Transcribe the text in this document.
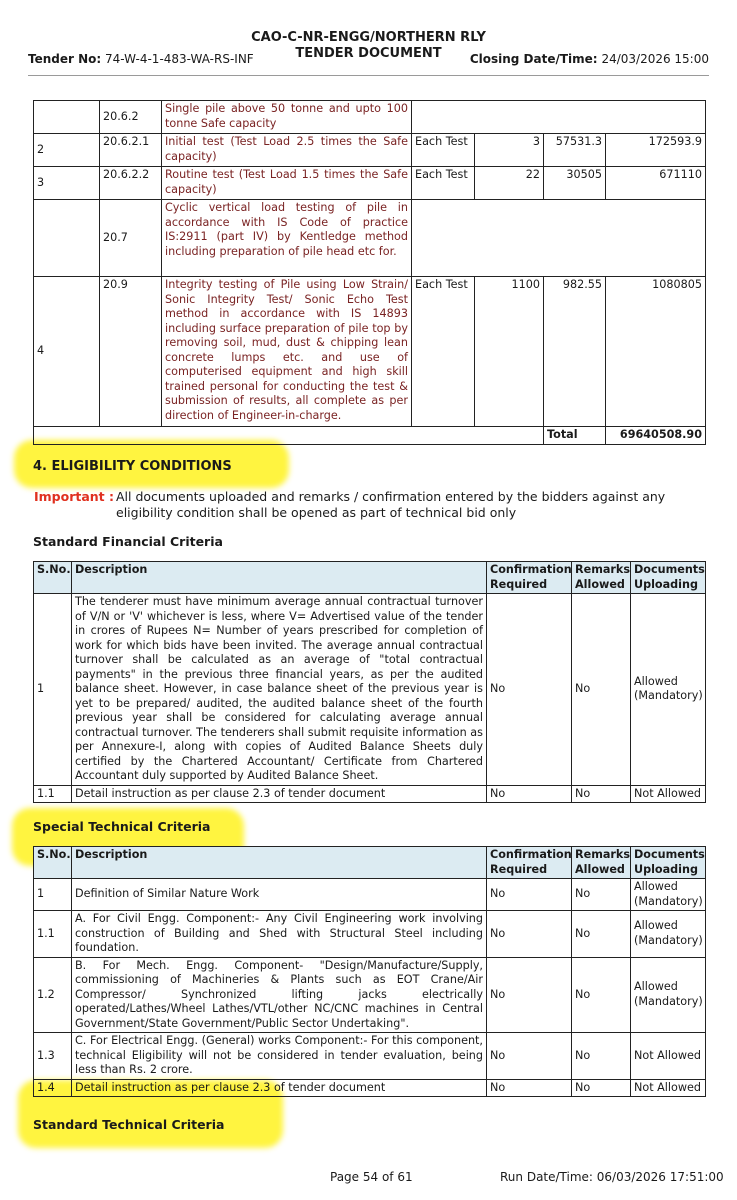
CAO-C-NR-ENGG/NORTHERN RLY
TENDER DOCUMENT
Tender No: 74-W-4-1-483-WA-RS-INF	Closing Date/Time: 24/03/2026 15:00
	20.6.2	Single pile above 50 tonne and upto 100 tonne Safe capacity				
2	20.6.2.1	Initial test (Test Load 2.5 times the Safe capacity)	Each Test	3	57531.3	172593.9
3	20.6.2.2	Routine test (Test Load 1.5 times the Safe capacity)	Each Test	22	30505	671110
	20.7	Cyclic vertical load testing of pile in accordance with IS Code of practice IS:2911 (part IV) by Kentledge method including preparation of pile head etc for.				
4	20.9	Integrity testing of Pile using Low Strain/ Sonic Integrity Test/ Sonic Echo Test method in accordance with IS 14893 including surface preparation of pile top by removing soil, mud, dust & chipping lean concrete lumps etc. and use of computerised equipment and high skill trained personal for conducting the test & submission of results, all complete as per direction of Engineer-in-charge.	Each Test	1100	982.55	1080805
					Total	69640508.90
4. ELIGIBILITY CONDITIONS
Important : All documents uploaded and remarks / confirmation entered by the bidders against any eligibility condition shall be opened as part of technical bid only
Standard Financial Criteria
S.No.	Description	Confirmation Required	Remarks Allowed	Documents Uploading
1	The tenderer must have minimum average annual contractual turnover of V/N or 'V' whichever is less, where V= Advertised value of the tender in crores of Rupees N= Number of years prescribed for completion of work for which bids have been invited. The average annual contractual turnover shall be calculated as an average of "total contractual payments" in the previous three financial years, as per the audited balance sheet. However, in case balance sheet of the previous year is yet to be prepared/ audited, the audited balance sheet of the fourth previous year shall be considered for calculating average annual contractual turnover. The tenderers shall submit requisite information as per Annexure-I, along with copies of Audited Balance Sheets duly certified by the Chartered Accountant/ Certificate from Chartered Accountant duly supported by Audited Balance Sheet.	No	No	Allowed (Mandatory)
1.1	Detail instruction as per clause 2.3 of tender document	No	No	Not Allowed
Special Technical Criteria
S.No.	Description	Confirmation Required	Remarks Allowed	Documents Uploading
1	Definition of Similar Nature Work	No	No	Allowed (Mandatory)
1.1	A. For Civil Engg. Component:- Any Civil Engineering work involving construction of Building and Shed with Structural Steel including foundation.	No	No	Allowed (Mandatory)
1.2	B. For Mech. Engg. Component- "Design/Manufacture/Supply, commissioning of Machineries & Plants such as EOT Crane/Air Compressor/ Synchronized lifting jacks electrically operated/Lathes/Wheel Lathes/VTL/other NC/CNC machines in Central Government/State Government/Public Sector Undertaking".	No	No	Allowed (Mandatory)
1.3	C. For Electrical Engg. (General) works Component:- For this component, technical Eligibility will not be considered in tender evaluation, being less than Rs. 2 crore.	No	No	Not Allowed
1.4	Detail instruction as per clause 2.3 of tender document	No	No	Not Allowed
Standard Technical Criteria
Page 54 of 61	Run Date/Time: 06/03/2026 17:51:00
